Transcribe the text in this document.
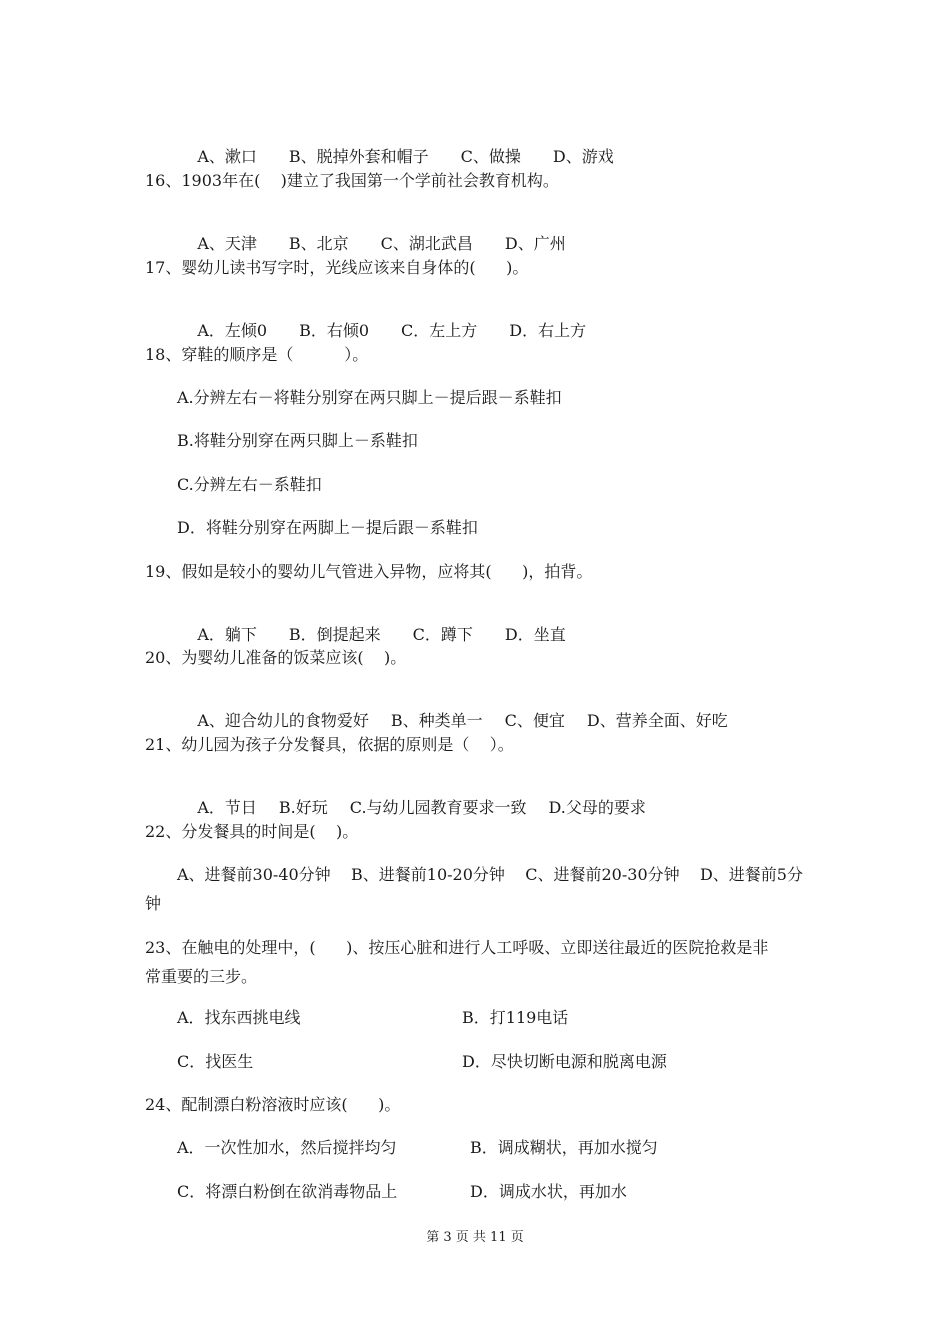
A、漱口 B、脱掉外套和帽子 C、做操 D、游戏

16、1903年在(    )建立了我国第一个学前社会教育机构。

A、天津 B、北京 C、湖北武昌 D、广州

17、婴幼儿读书写字时，光线应该来自身体的(      )。

A．左倾0 B．右倾0 C．左上方 D．右上方

18、穿鞋的顺序是（          ）。
A.分辨左右－将鞋分别穿在两只脚上－提后跟－系鞋扣
B.将鞋分别穿在两只脚上－系鞋扣
C.分辨左右－系鞋扣
D．将鞋分别穿在两脚上－提后跟－系鞋扣
19、假如是较小的婴幼儿气管进入异物，应将其(      )，拍背。

A．躺下 B．倒提起来 C．蹲下 D．坐直

20、为婴幼儿准备的饭菜应该(    )。

A、迎合幼儿的食物爱好 B、种类单一 C、便宜 D、营养全面、好吃

21、幼儿园为孩子分发餐具，依据的原则是（    ）。

A．节日 B.好玩 C.与幼儿园教育要求一致 D.父母的要求

22、分发餐具的时间是(    )。
A、进餐前30-40分钟    B、进餐前10-20分钟    C、进餐前20-30分钟    D、进餐前5分
钟
23、在触电的处理中，(      )、按压心脏和进行人工呼吸、立即送往最近的医院抢救是非
常重要的三步。
A．找东西挑电线	B．打119电话
C．找医生	D．尽快切断电源和脱离电源
24、配制漂白粉溶液时应该(      )。
A．一次性加水，然后搅拌均匀	B．调成糊状，再加水搅匀
C．将漂白粉倒在欲消毒物品上	D．调成水状，再加水
第 3 页 共 11 页
